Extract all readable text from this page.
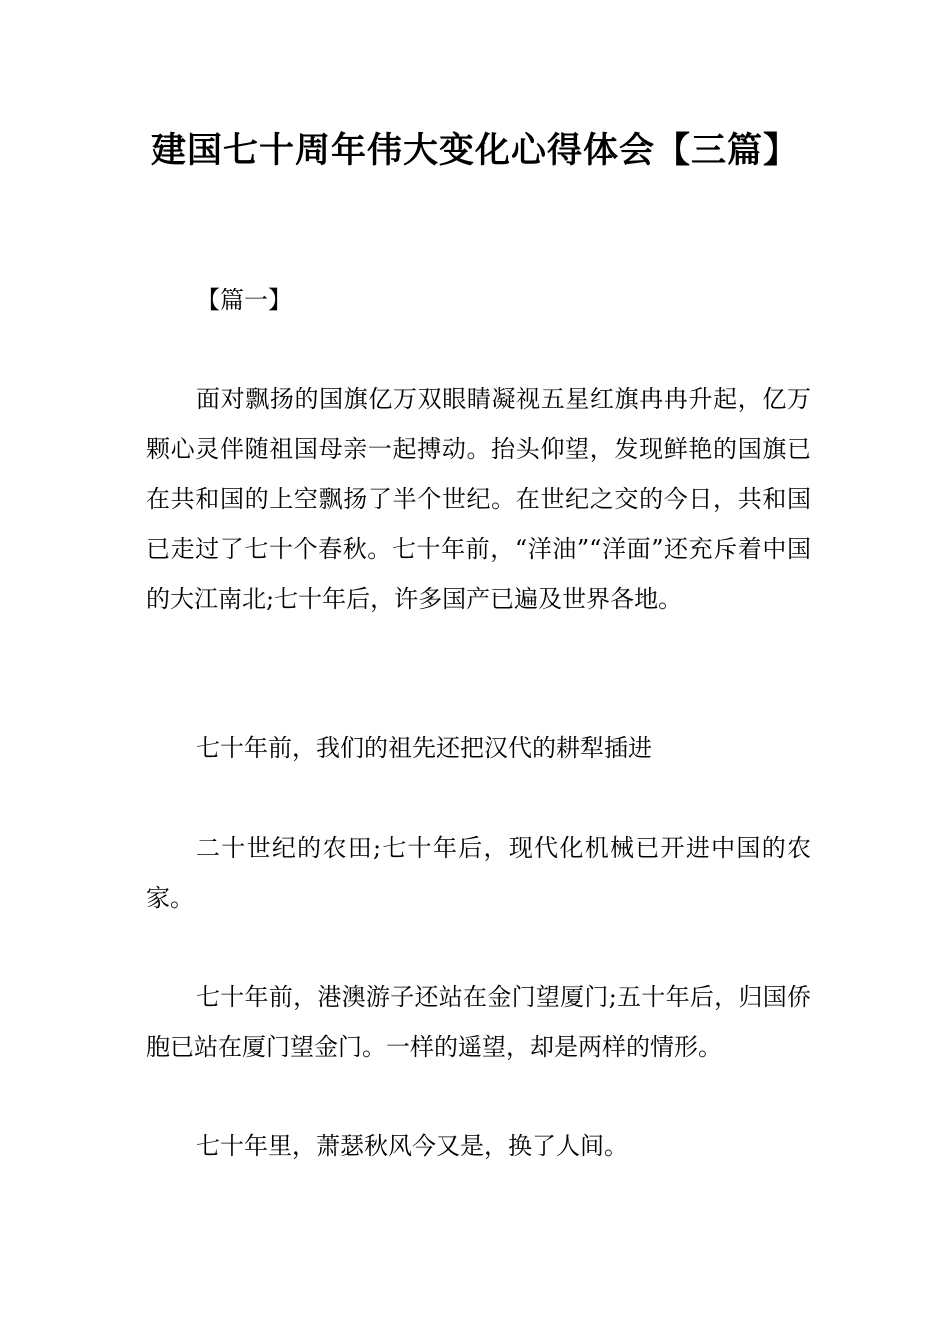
建国七十周年伟大变化心得体会【三篇】

【篇一】

面对飘扬的国旗亿万双眼睛凝视五星红旗冉冉升起，亿万颗心灵伴随祖国母亲一起搏动。抬头仰望，发现鲜艳的国旗已在共和国的上空飘扬了半个世纪。在世纪之交的今日，共和国已走过了七十个春秋。七十年前，“洋油”“洋面”还充斥着中国的大江南北;七十年后，许多国产已遍及世界各地。

七十年前，我们的祖先还把汉代的耕犁插进

二十世纪的农田;七十年后，现代化机械已开进中国的农家。

七十年前，港澳游子还站在金门望厦门;五十年后，归国侨胞已站在厦门望金门。一样的遥望，却是两样的情形。

七十年里，萧瑟秋风今又是，换了人间。
